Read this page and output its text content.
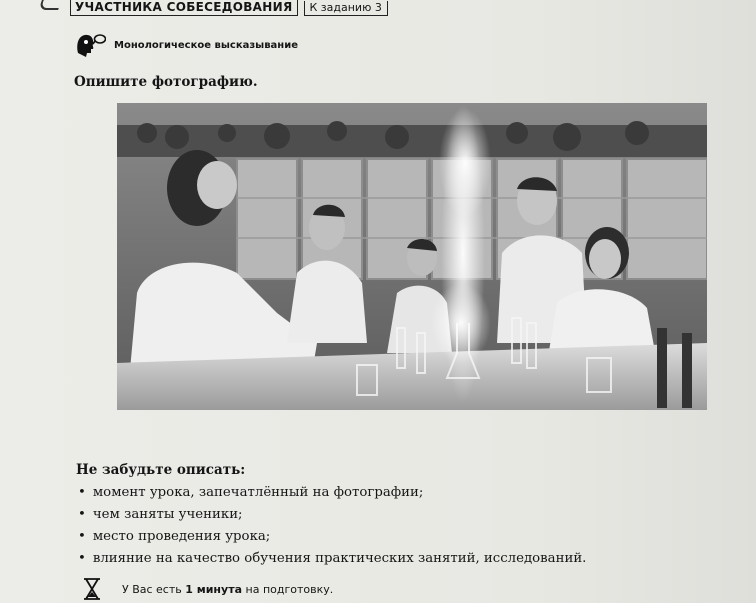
УЧАСТНИКА СОБЕСЕДОВАНИЯ	К заданию 3
Монологическое высказывание
Опишите фотографию.
Не забудьте описать:
• момент урока, запечатлённый на фотографии;
• чем заняты ученики;
• место проведения урока;
• влияние на качество обучения практических занятий, исследований.
У Вас есть 1 минута на подготовку.
